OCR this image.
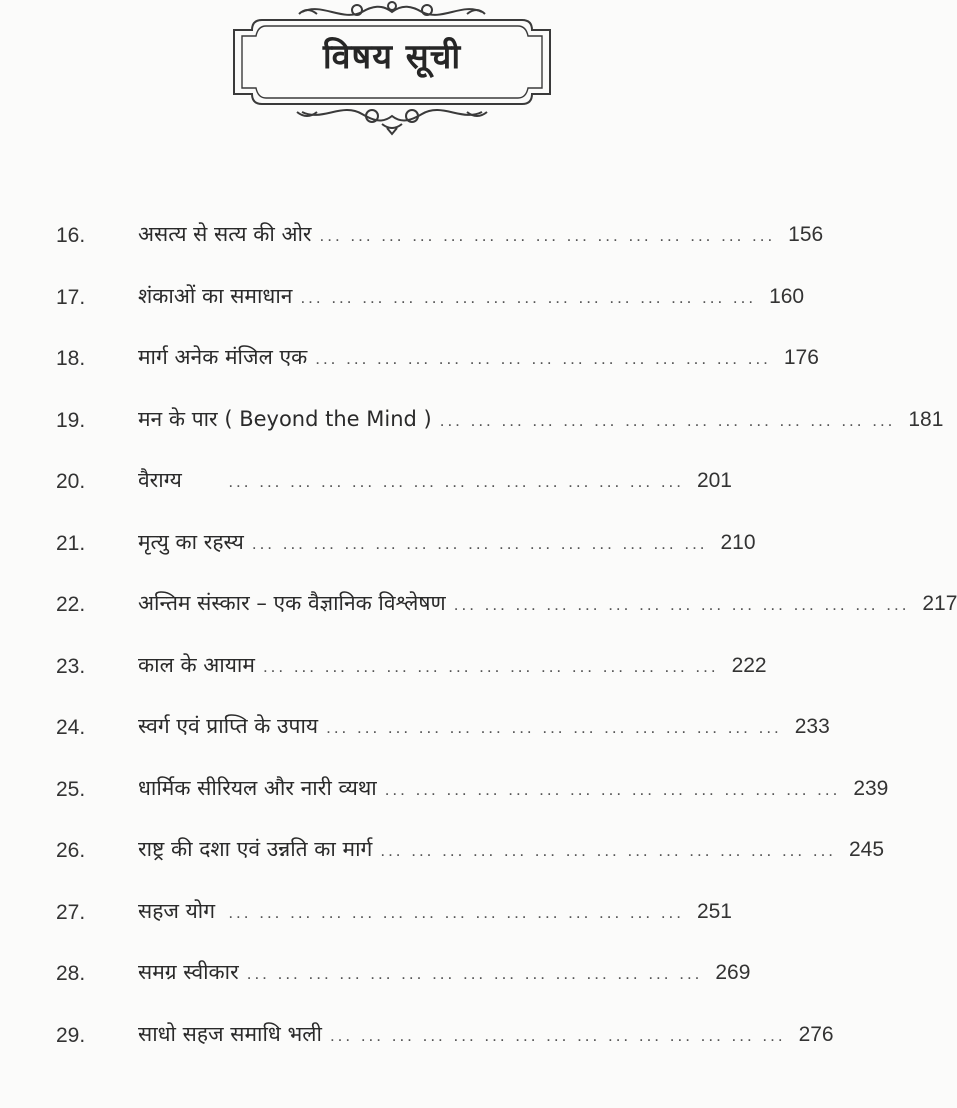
विषय सूची
16.	असत्य से सत्य की ओर ... ... ... ... ... ... ... ... ... ... ... ... ... ... ... 156
17.	शंकाओं का समाधान ... ... ... ... ... ... ... ... ... ... ... ... ... ... ... 160
18.	मार्ग अनेक मंजिल एक ... ... ... ... ... ... ... ... ... ... ... ... ... ... ... 176
19.	मन के पार ( Beyond the Mind ) ... ... ... ... ... ... ... ... ... ... ... ... ... ... ... 181
20.	वैराग्य	... ... ... ... ... ... ... ... ... ... ... ... ... ... ... 201
21.	मृत्यु का रहस्य ... ... ... ... ... ... ... ... ... ... ... ... ... ... ... 210
22.	अन्तिम संस्कार – एक वैज्ञानिक विश्लेषण ... ... ... ... ... ... ... ... ... ... ... ... ... ... ... 217
23.	काल के आयाम ... ... ... ... ... ... ... ... ... ... ... ... ... ... ... 222
24.	स्वर्ग एवं प्राप्ति के उपाय ... ... ... ... ... ... ... ... ... ... ... ... ... ... ... 233
25.	धार्मिक सीरियल और नारी व्यथा ... ... ... ... ... ... ... ... ... ... ... ... ... ... ... 239
26.	राष्ट्र की दशा एवं उन्नति का मार्ग ... ... ... ... ... ... ... ... ... ... ... ... ... ... ... 245
27.	सहज योग ... ... ... ... ... ... ... ... ... ... ... ... ... ... ... 251
28.	समग्र स्वीकार ... ... ... ... ... ... ... ... ... ... ... ... ... ... ... 269
29.	साधो सहज समाधि भली ... ... ... ... ... ... ... ... ... ... ... ... ... ... ... 276
